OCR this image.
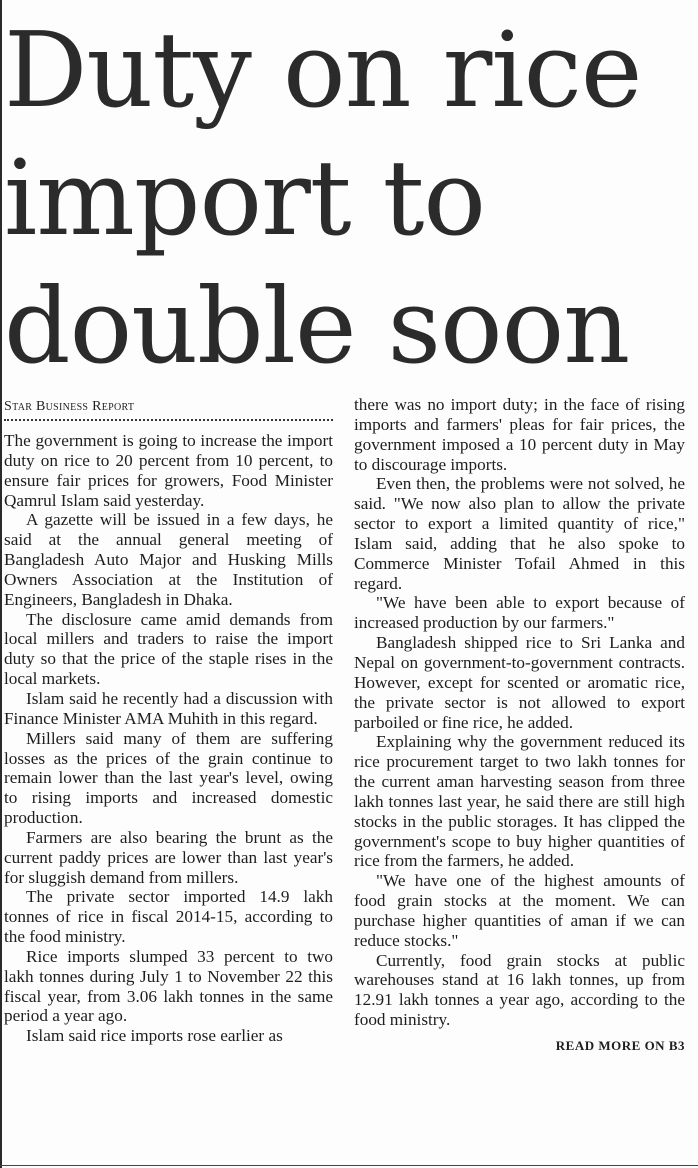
Duty on rice import to double soon
Star Business Report

The government is going to increase the import duty on rice to 20 percent from 10 percent, to ensure fair prices for growers, Food Minister Qamrul Islam said yesterday.

A gazette will be issued in a few days, he said at the annual general meeting of Bangladesh Auto Major and Husking Mills Owners Association at the Institution of Engineers, Bangladesh in Dhaka.

The disclosure came amid demands from local millers and traders to raise the import duty so that the price of the staple rises in the local markets.

Islam said he recently had a discussion with Finance Minister AMA Muhith in this regard.

Millers said many of them are suffering losses as the prices of the grain continue to remain lower than the last year's level, owing to rising imports and increased domestic production.

Farmers are also bearing the brunt as the current paddy prices are lower than last year's for sluggish demand from millers.

The private sector imported 14.9 lakh tonnes of rice in fiscal 2014-15, according to the food ministry.

Rice imports slumped 33 percent to two lakh tonnes during July 1 to November 22 this fiscal year, from 3.06 lakh tonnes in the same period a year ago.

Islam said rice imports rose earlier as

there was no import duty; in the face of rising imports and farmers' pleas for fair prices, the government imposed a 10 percent duty in May to discourage imports.

Even then, the problems were not solved, he said. "We now also plan to allow the private sector to export a limited quantity of rice," Islam said, adding that he also spoke to Commerce Minister Tofail Ahmed in this regard.

"We have been able to export because of increased production by our farmers."

Bangladesh shipped rice to Sri Lanka and Nepal on government-to-government contracts. However, except for scented or aromatic rice, the private sector is not allowed to export parboiled or fine rice, he added.

Explaining why the government reduced its rice procurement target to two lakh tonnes for the current aman harvesting season from three lakh tonnes last year, he said there are still high stocks in the public storages. It has clipped the government's scope to buy higher quantities of rice from the farmers, he added.

"We have one of the highest amounts of food grain stocks at the moment. We can purchase higher quantities of aman if we can reduce stocks."

Currently, food grain stocks at public warehouses stand at 16 lakh tonnes, up from 12.91 lakh tonnes a year ago, according to the food ministry.

READ MORE ON B3
